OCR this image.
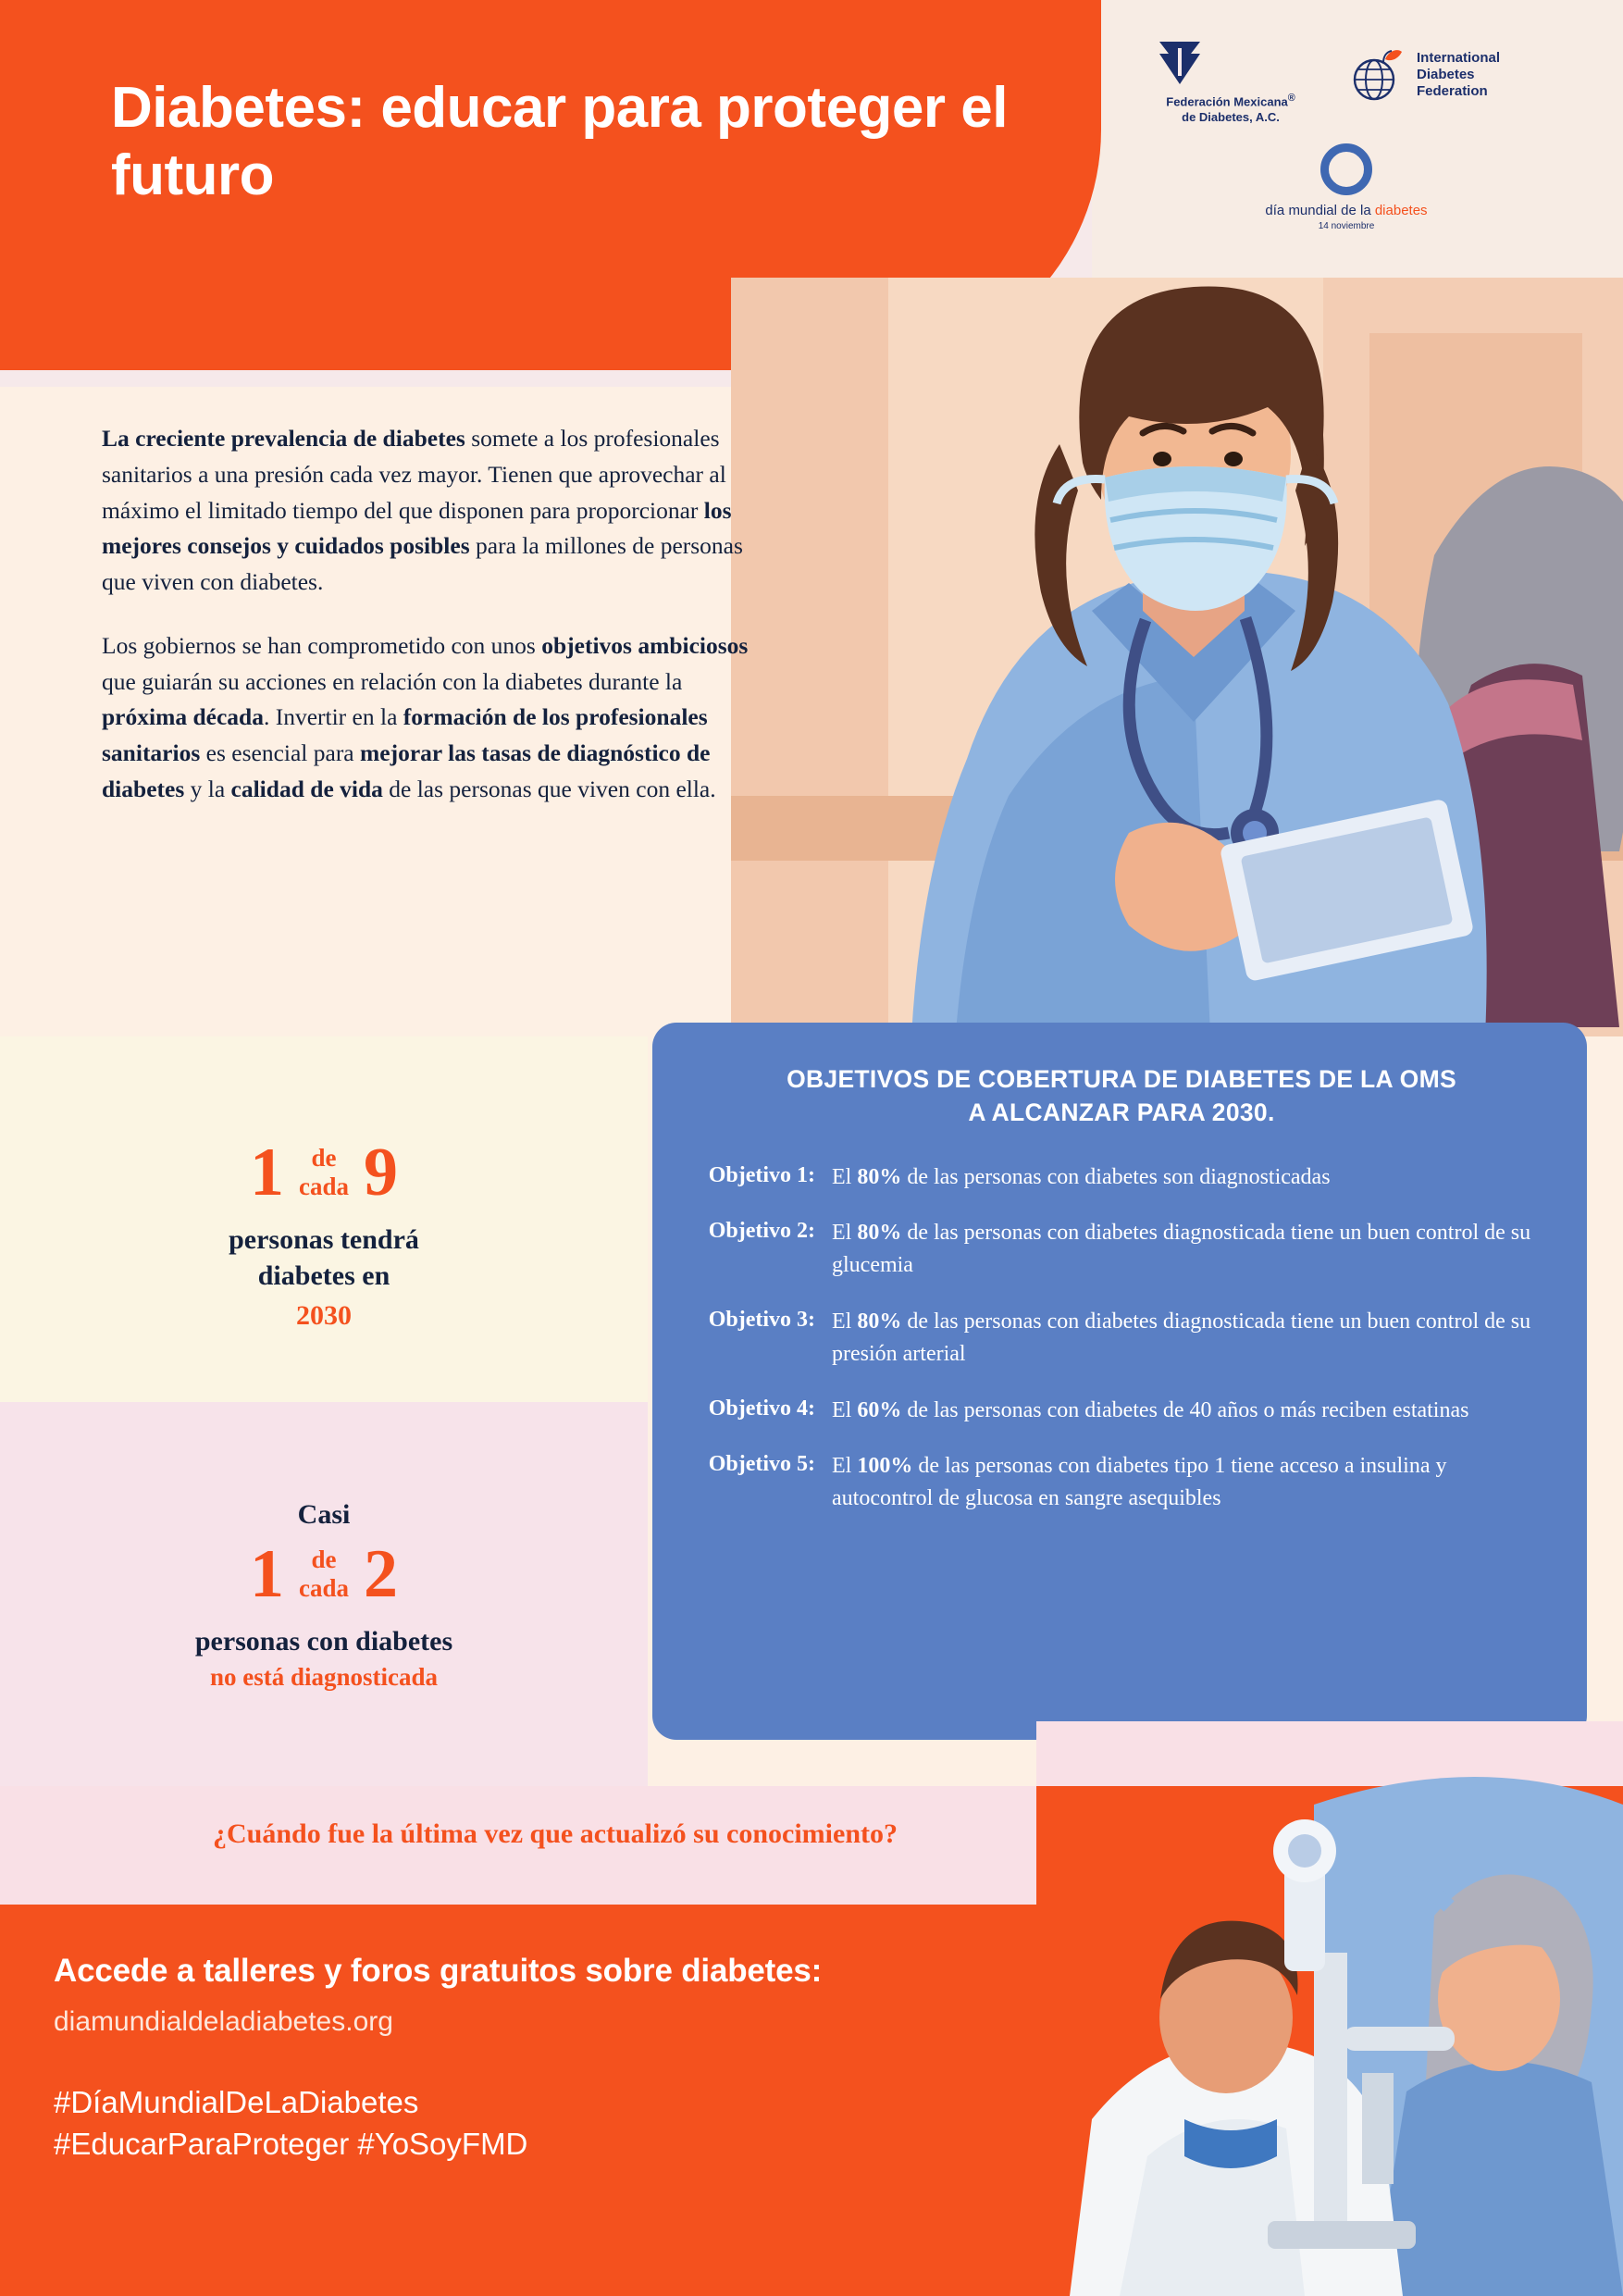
Diabetes: educar para proteger el futuro
Federación Mexicana®
de Diabetes, A.C.
International
Diabetes
Federation
día mundial de la diabetes
14 noviembre

La creciente prevalencia de diabetes somete a los profesionales sanitarios a una presión cada vez mayor. Tienen que aprovechar al máximo el limitado tiempo del que disponen para proporcionar los mejores consejos y cuidados posibles para la millones de personas que viven con diabetes.

Los gobiernos se han comprometido con unos objetivos ambiciosos que guiarán su acciones en relación con la diabetes durante la próxima década. Invertir en la formación de los profesionales sanitarios es esencial para mejorar las tasas de diagnóstico de diabetes y la calidad de vida de las personas que viven con ella.

1	de
cada 9
personas tendrá
diabetes en
2030
Casi
1	de
cada 2
personas con diabetes
no está diagnosticada
OBJETIVOS DE COBERTURA DE DIABETES DE LA OMS
A ALCANZAR PARA 2030.
Objetivo 1: El 80% de las personas con diabetes son diagnosticadas
Objetivo 2: El 80% de las personas con diabetes diagnosticada tiene un buen control de su glucemia
Objetivo 3: El 80% de las personas con diabetes diagnosticada tiene un buen control de su presión arterial
Objetivo 4: El 60% de las personas con diabetes de 40 años o más reciben estatinas
Objetivo 5: El 100% de las personas con diabetes tipo 1 tiene acceso a insulina y autocontrol de glucosa en sangre asequibles
¿Cuándo fue la última vez que actualizó su conocimiento?
Accede a talleres y foros gratuitos sobre diabetes:
diamundialdeladiabetes.org
#DíaMundialDeLaDiabetes
#EducarParaProteger #YoSoyFMD
